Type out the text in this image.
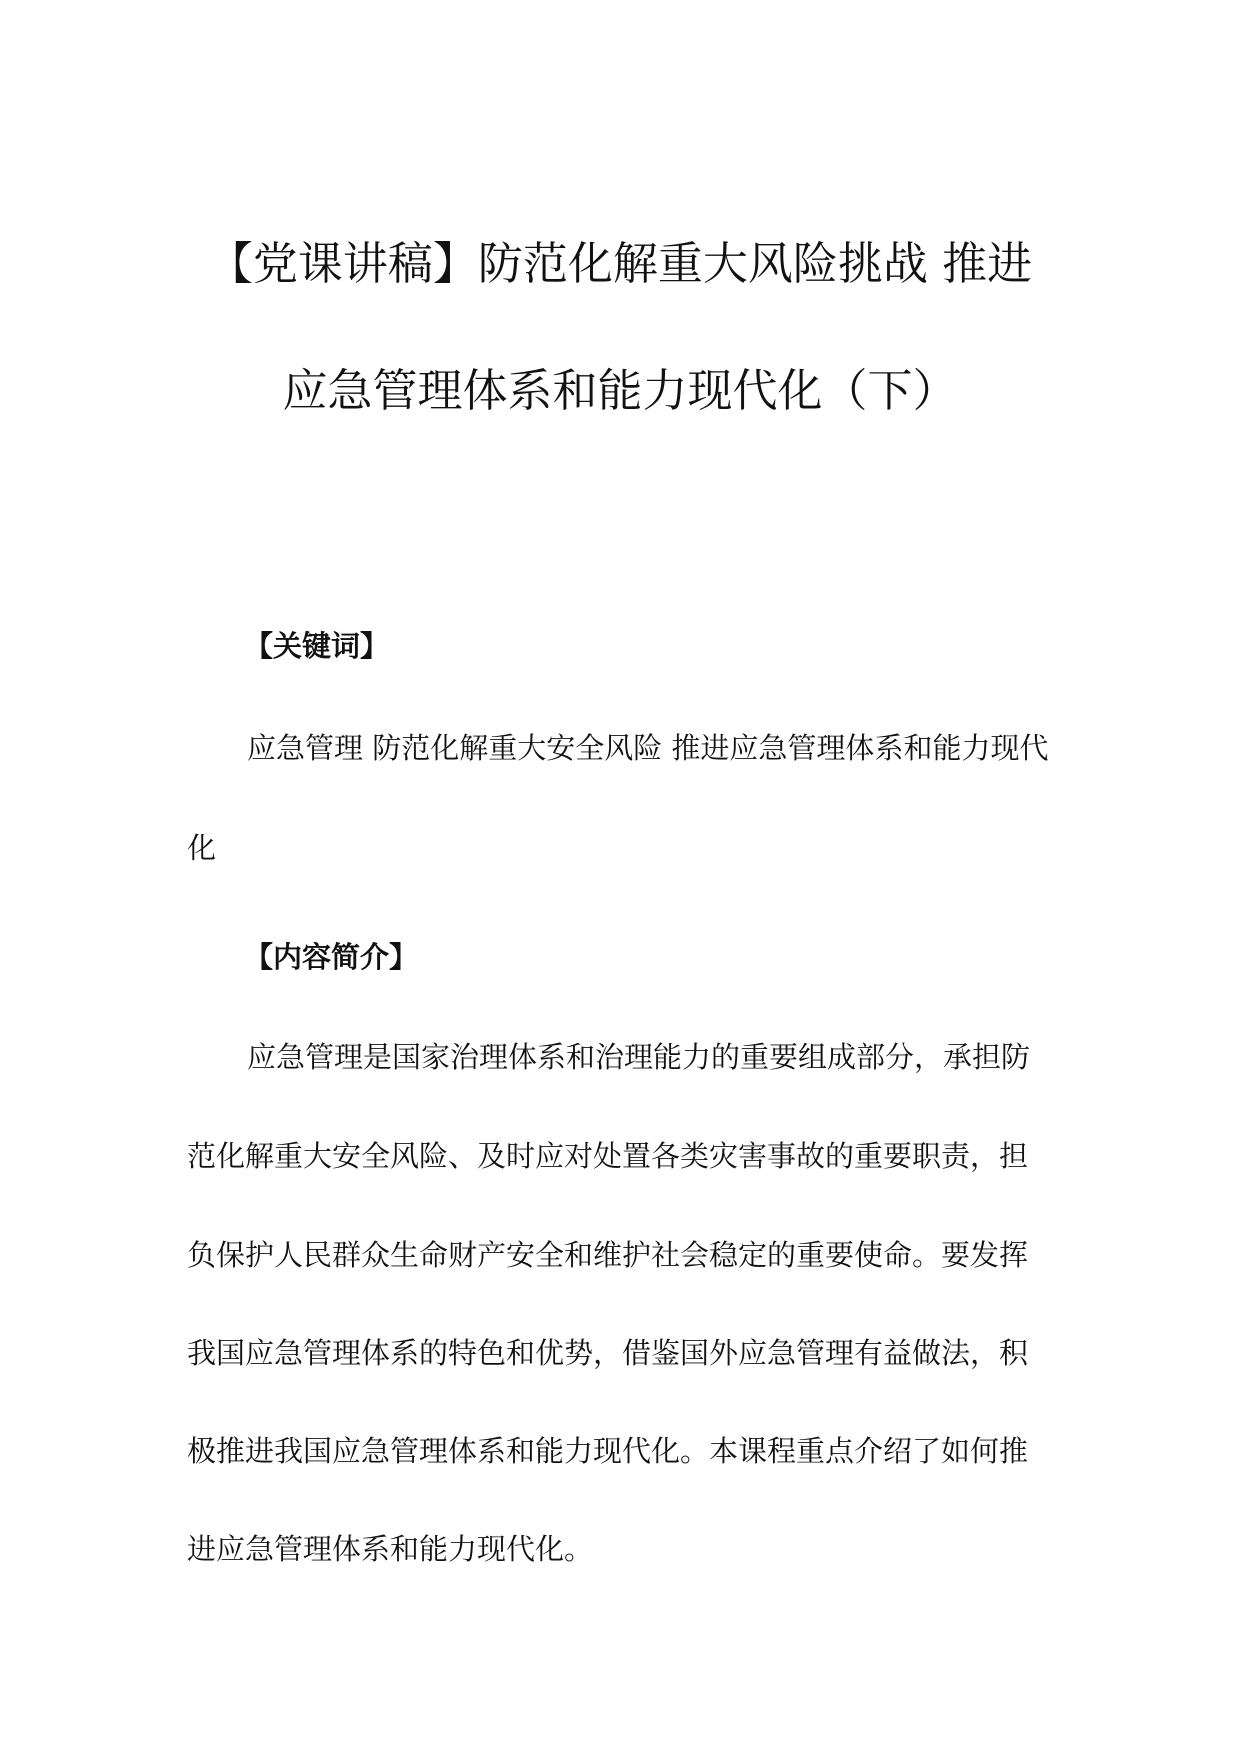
【党课讲稿】防范化解重大风险挑战 推进
应急管理体系和能力现代化（下）
【关键词】
应急管理 防范化解重大安全风险 推进应急管理体系和能力现代
化
【内容简介】
应急管理是国家治理体系和治理能力的重要组成部分，承担防
范化解重大安全风险、及时应对处置各类灾害事故的重要职责，担
负保护人民群众生命财产安全和维护社会稳定的重要使命。要发挥
我国应急管理体系的特色和优势，借鉴国外应急管理有益做法，积
极推进我国应急管理体系和能力现代化。本课程重点介绍了如何推
进应急管理体系和能力现代化。
